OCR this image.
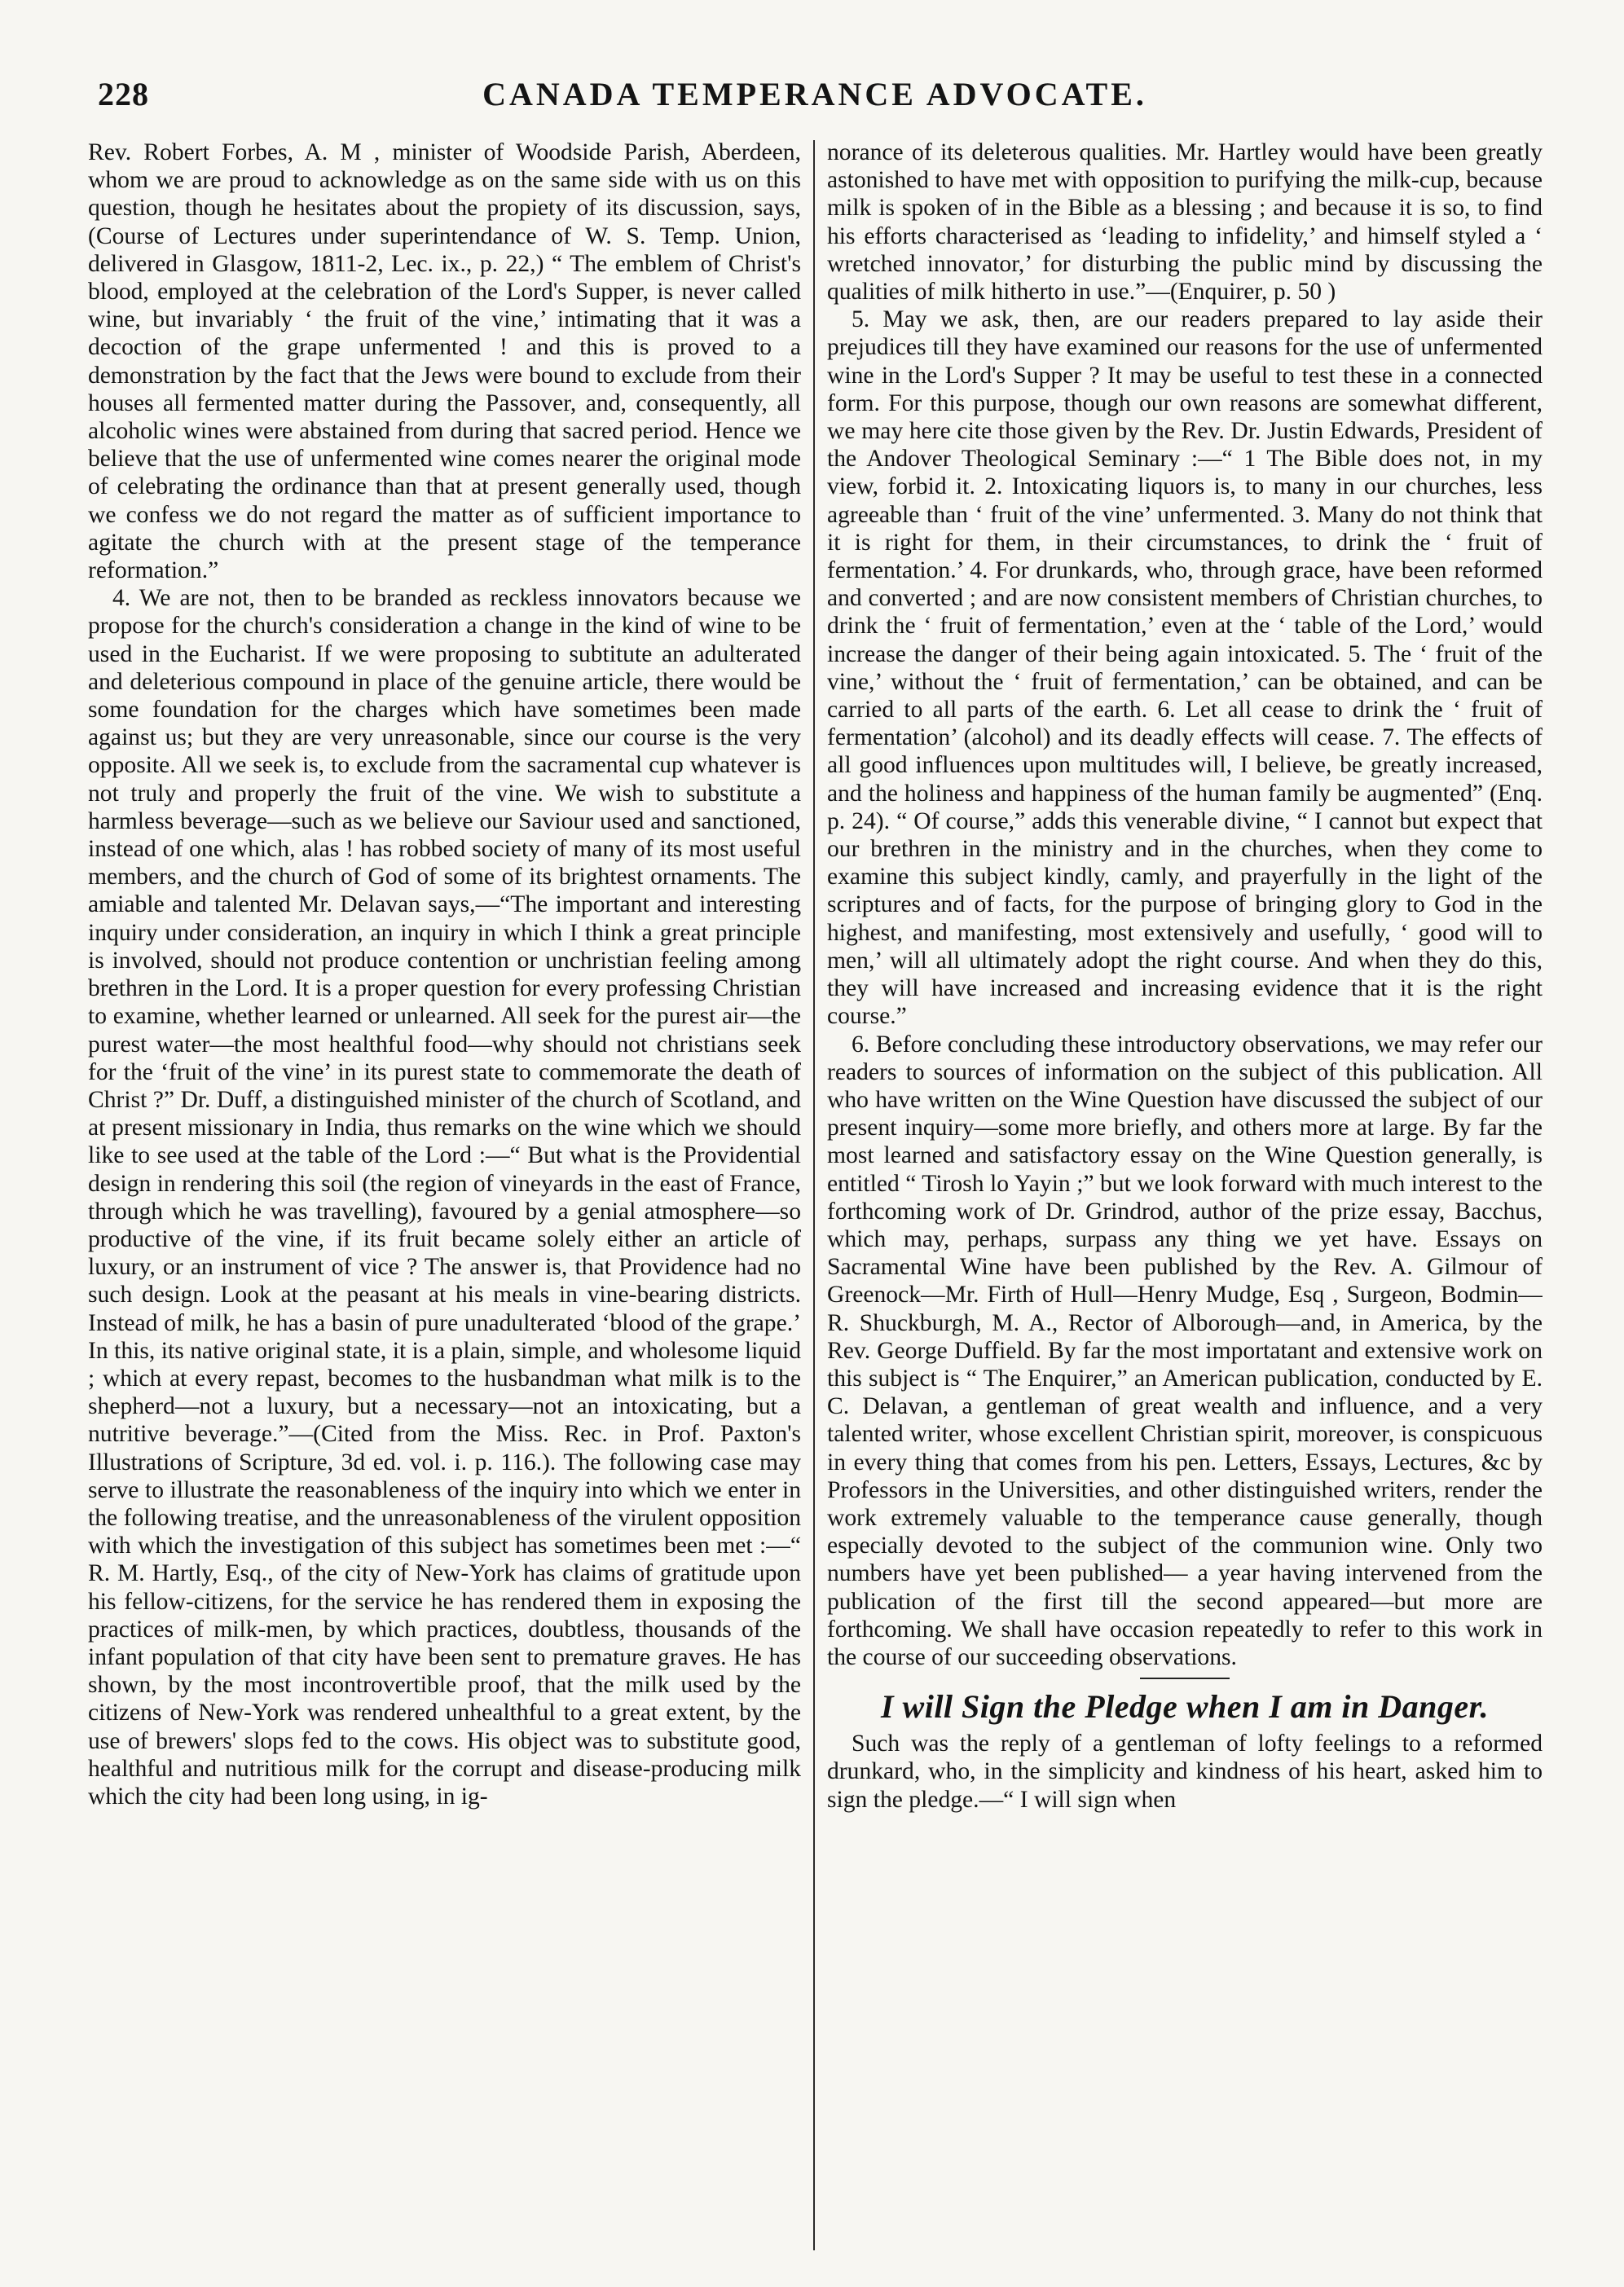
228	CANADA TEMPERANCE ADVOCATE.

Rev. Robert Forbes, A. M , minister of Woodside Parish, Aberdeen, whom we are proud to acknowledge as on the same side with us on this question, though he hesitates about the propiety of its discussion, says, (Course of Lectures under superintendance of W. S. Temp. Union, delivered in Glasgow, 1811-2, Lec. ix., p. 22,) “ The emblem of Christ's blood, employed at the celebration of the Lord's Supper, is never called wine, but invariably ‘ the fruit of the vine,’ intimating that it was a decoction of the grape unfermented ! and this is proved to a demonstration by the fact that the Jews were bound to exclude from their houses all fermented matter during the Passover, and, consequently, all alcoholic wines were abstained from during that sacred period. Hence we believe that the use of unfermented wine comes nearer the original mode of celebrating the ordinance than that at present generally used, though we confess we do not regard the matter as of sufficient importance to agitate the church with at the present stage of the temperance reformation.”

4. We are not, then to be branded as reckless innovators because we propose for the church's consideration a change in the kind of wine to be used in the Eucharist. If we were proposing to subtitute an adulterated and deleterious compound in place of the genuine article, there would be some foundation for the charges which have sometimes been made against us; but they are very unreasonable, since our course is the very opposite. All we seek is, to exclude from the sacramental cup whatever is not truly and properly the fruit of the vine. We wish to substitute a harmless beverage—such as we believe our Saviour used and sanctioned, instead of one which, alas ! has robbed society of many of its most useful members, and the church of God of some of its brightest ornaments. The amiable and talented Mr. Delavan says,—“The important and interesting inquiry under consideration, an inquiry in which I think a great principle is involved, should not produce contention or unchristian feeling among brethren in the Lord. It is a proper question for every professing Christian to examine, whether learned or unlearned. All seek for the purest air—the purest water—the most healthful food—why should not christians seek for the ‘fruit of the vine’ in its purest state to commemorate the death of Christ ?” Dr. Duff, a distinguished minister of the church of Scotland, and at present missionary in India, thus remarks on the wine which we should like to see used at the table of the Lord :—“ But what is the Providential design in rendering this soil (the region of vineyards in the east of France, through which he was travelling), favoured by a genial atmosphere—so productive of the vine, if its fruit became solely either an article of luxury, or an instrument of vice ? The answer is, that Providence had no such design. Look at the peasant at his meals in vine-bearing districts. Instead of milk, he has a basin of pure unadulterated ‘blood of the grape.’ In this, its native original state, it is a plain, simple, and wholesome liquid ; which at every repast, becomes to the husbandman what milk is to the shepherd—not a luxury, but a necessary—not an intoxicating, but a nutritive beverage.”—(Cited from the Miss. Rec. in Prof. Paxton's Illustrations of Scripture, 3d ed. vol. i. p. 116.). The following case may serve to illustrate the reasonableness of the inquiry into which we enter in the following treatise, and the unreasonableness of the virulent opposition with which the investigation of this subject has sometimes been met :—“ R. M. Hartly, Esq., of the city of New-York has claims of gratitude upon his fellow-citizens, for the service he has rendered them in exposing the practices of milk-men, by which practices, doubtless, thousands of the infant population of that city have been sent to premature graves. He has shown, by the most incontrovertible proof, that the milk used by the citizens of New-York was rendered unhealthful to a great extent, by the use of brewers' slops fed to the cows. His object was to substitute good, healthful and nutritious milk for the corrupt and disease-producing milk which the city had been long using, in ig-

norance of its deleterous qualities. Mr. Hartley would have been greatly astonished to have met with opposition to purifying the milk-cup, because milk is spoken of in the Bible as a blessing ; and because it is so, to find his efforts characterised as ‘leading to infidelity,’ and himself styled a ‘ wretched innovator,’ for disturbing the public mind by discussing the qualities of milk hitherto in use.”—(Enquirer, p. 50 )

5. May we ask, then, are our readers prepared to lay aside their prejudices till they have examined our reasons for the use of unfermented wine in the Lord's Supper ? It may be useful to test these in a connected form. For this purpose, though our own reasons are somewhat different, we may here cite those given by the Rev. Dr. Justin Edwards, President of the Andover Theological Seminary :—“ 1 The Bible does not, in my view, forbid it. 2. Intoxicating liquors is, to many in our churches, less agreeable than ‘ fruit of the vine’ unfermented. 3. Many do not think that it is right for them, in their circumstances, to drink the ‘ fruit of fermentation.’ 4. For drunkards, who, through grace, have been reformed and converted ; and are now consistent members of Christian churches, to drink the ‘ fruit of fermentation,’ even at the ‘ table of the Lord,’ would increase the danger of their being again intoxicated. 5. The ‘ fruit of the vine,’ without the ‘ fruit of fermentation,’ can be obtained, and can be carried to all parts of the earth. 6. Let all cease to drink the ‘ fruit of fermentation’ (alcohol) and its deadly effects will cease. 7. The effects of all good influences upon multitudes will, I believe, be greatly increased, and the holiness and happiness of the human family be augmented” (Enq. p. 24). “ Of course,” adds this venerable divine, “ I cannot but expect that our brethren in the ministry and in the churches, when they come to examine this subject kindly, camly, and prayerfully in the light of the scriptures and of facts, for the purpose of bringing glory to God in the highest, and manifesting, most extensively and usefully, ‘ good will to men,’ will all ultimately adopt the right course. And when they do this, they will have increased and increasing evidence that it is the right course.”

6. Before concluding these introductory observations, we may refer our readers to sources of information on the subject of this publication. All who have written on the Wine Question have discussed the subject of our present inquiry—some more briefly, and others more at large. By far the most learned and satisfactory essay on the Wine Question generally, is entitled “ Tirosh lo Yayin ;” but we look forward with much interest to the forthcoming work of Dr. Grindrod, author of the prize essay, Bacchus, which may, perhaps, surpass any thing we yet have. Essays on Sacramental Wine have been published by the Rev. A. Gilmour of Greenock—Mr. Firth of Hull—Henry Mudge, Esq , Surgeon, Bodmin—R. Shuckburgh, M. A., Rector of Alborough—and, in America, by the Rev. George Duffield. By far the most importatant and extensive work on this subject is “ The Enquirer,” an American publication, conducted by E. C. Delavan, a gentleman of great wealth and influence, and a very talented writer, whose excellent Christian spirit, moreover, is conspicuous in every thing that comes from his pen. Letters, Essays, Lectures, &c by Professors in the Universities, and other distinguished writers, render the work extremely valuable to the temperance cause generally, though especially devoted to the subject of the communion wine. Only two numbers have yet been published— a year having intervened from the publication of the first till the second appeared—but more are forthcoming. We shall have occasion repeatedly to refer to this work in the course of our succeeding observations.

I will Sign the Pledge when I am in Danger.

Such was the reply of a gentleman of lofty feelings to a reformed drunkard, who, in the simplicity and kindness of his heart, asked him to sign the pledge.—“ I will sign when
